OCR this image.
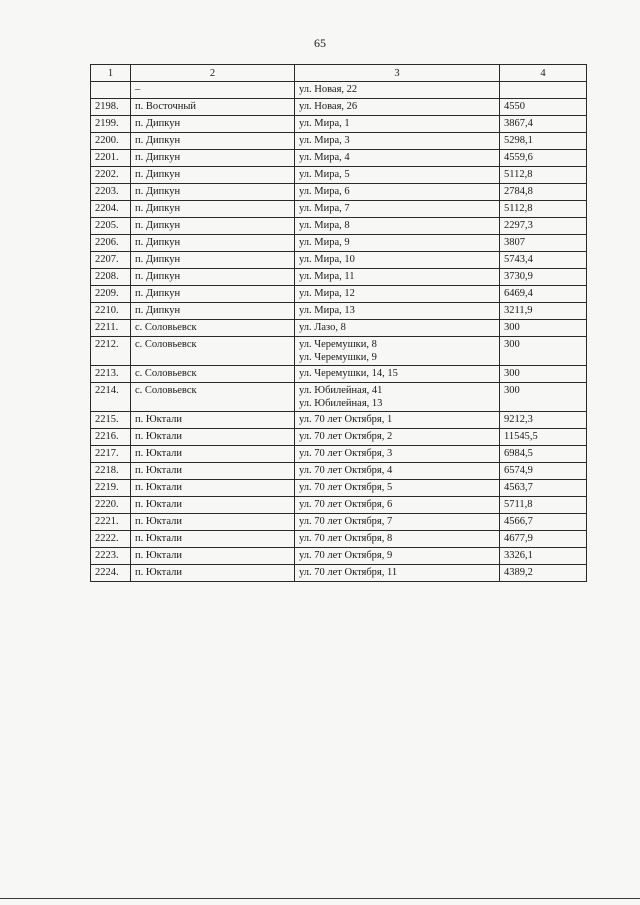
65
1	2	3	4
	–	ул. Новая, 22	

2198.	п. Восточный	ул. Новая, 26	4550
2199.	п. Дипкун	ул. Мира, 1	3867,4
2200.	п. Дипкун	ул. Мира, 3	5298,1
2201.	п. Дипкун	ул. Мира, 4	4559,6
2202.	п. Дипкун	ул. Мира, 5	5112,8
2203.	п. Дипкун	ул. Мира, 6	2784,8
2204.	п. Дипкун	ул. Мира, 7	5112,8
2205.	п. Дипкун	ул. Мира, 8	2297,3
2206.	п. Дипкун	ул. Мира, 9	3807
2207.	п. Дипкун	ул. Мира, 10	5743,4
2208.	п. Дипкун	ул. Мира, 11	3730,9
2209.	п. Дипкун	ул. Мира, 12	6469,4
2210.	п. Дипкун	ул. Мира, 13	3211,9
2211.	с. Соловьевск	ул. Лазо, 8	300
2212.	с. Соловьевск	ул. Черемушки, 8
ул. Черемушки, 9	300
2213.	с. Соловьевск	ул. Черемушки, 14, 15	300
2214.	с. Соловьевск	ул. Юбилейная, 41
ул. Юбилейная, 13	300
2215.	п. Юктали	ул. 70 лет Октября, 1	9212,3
2216.	п. Юктали	ул. 70 лет Октября, 2	11545,5
2217.	п. Юктали	ул. 70 лет Октября, 3	6984,5
2218.	п. Юктали	ул. 70 лет Октября, 4	6574,9
2219.	п. Юктали	ул. 70 лет Октября, 5	4563,7
2220.	п. Юктали	ул. 70 лет Октября, 6	5711,8
2221.	п. Юктали	ул. 70 лет Октября, 7	4566,7
2222.	п. Юктали	ул. 70 лет Октября, 8	4677,9
2223.	п. Юктали	ул. 70 лет Октября, 9	3326,1
2224.	п. Юктали	ул. 70 лет Октября, 11	4389,2
